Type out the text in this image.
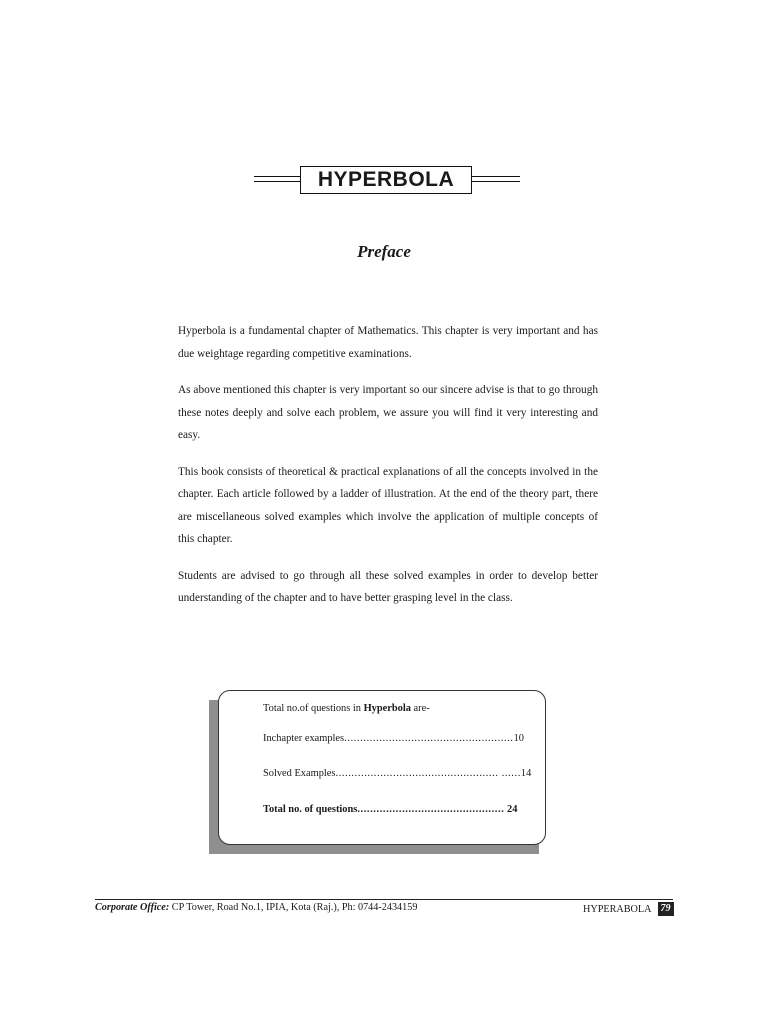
HYPERBOLA
Preface

Hyperbola is a fundamental chapter of Mathematics. This chapter is very important and has due weightage regarding competitive examinations.

As above mentioned this chapter is very important so our sincere advise is that to go through these notes deeply and solve each problem, we assure you will find it very interesting and easy.

This book consists of theoretical & practical explanations of all the concepts involved in the chapter. Each article followed by a ladder of illustration. At the end of the theory part, there are miscellaneous solved examples which involve the application of multiple concepts of this chapter.

Students are advised to go through all these solved examples in order to develop better understanding of the chapter and to have better grasping level in the class.

Total no.of questions in Hyperbola are-
Inchapter examples.....................................................10
Solved Examples................................................... ......14
Total no. of questions.............................................. 24
Corporate Office: CP Tower, Road No.1, IPIA, Kota (Raj.), Ph: 0744-2434159	HYPERABOLA 79
